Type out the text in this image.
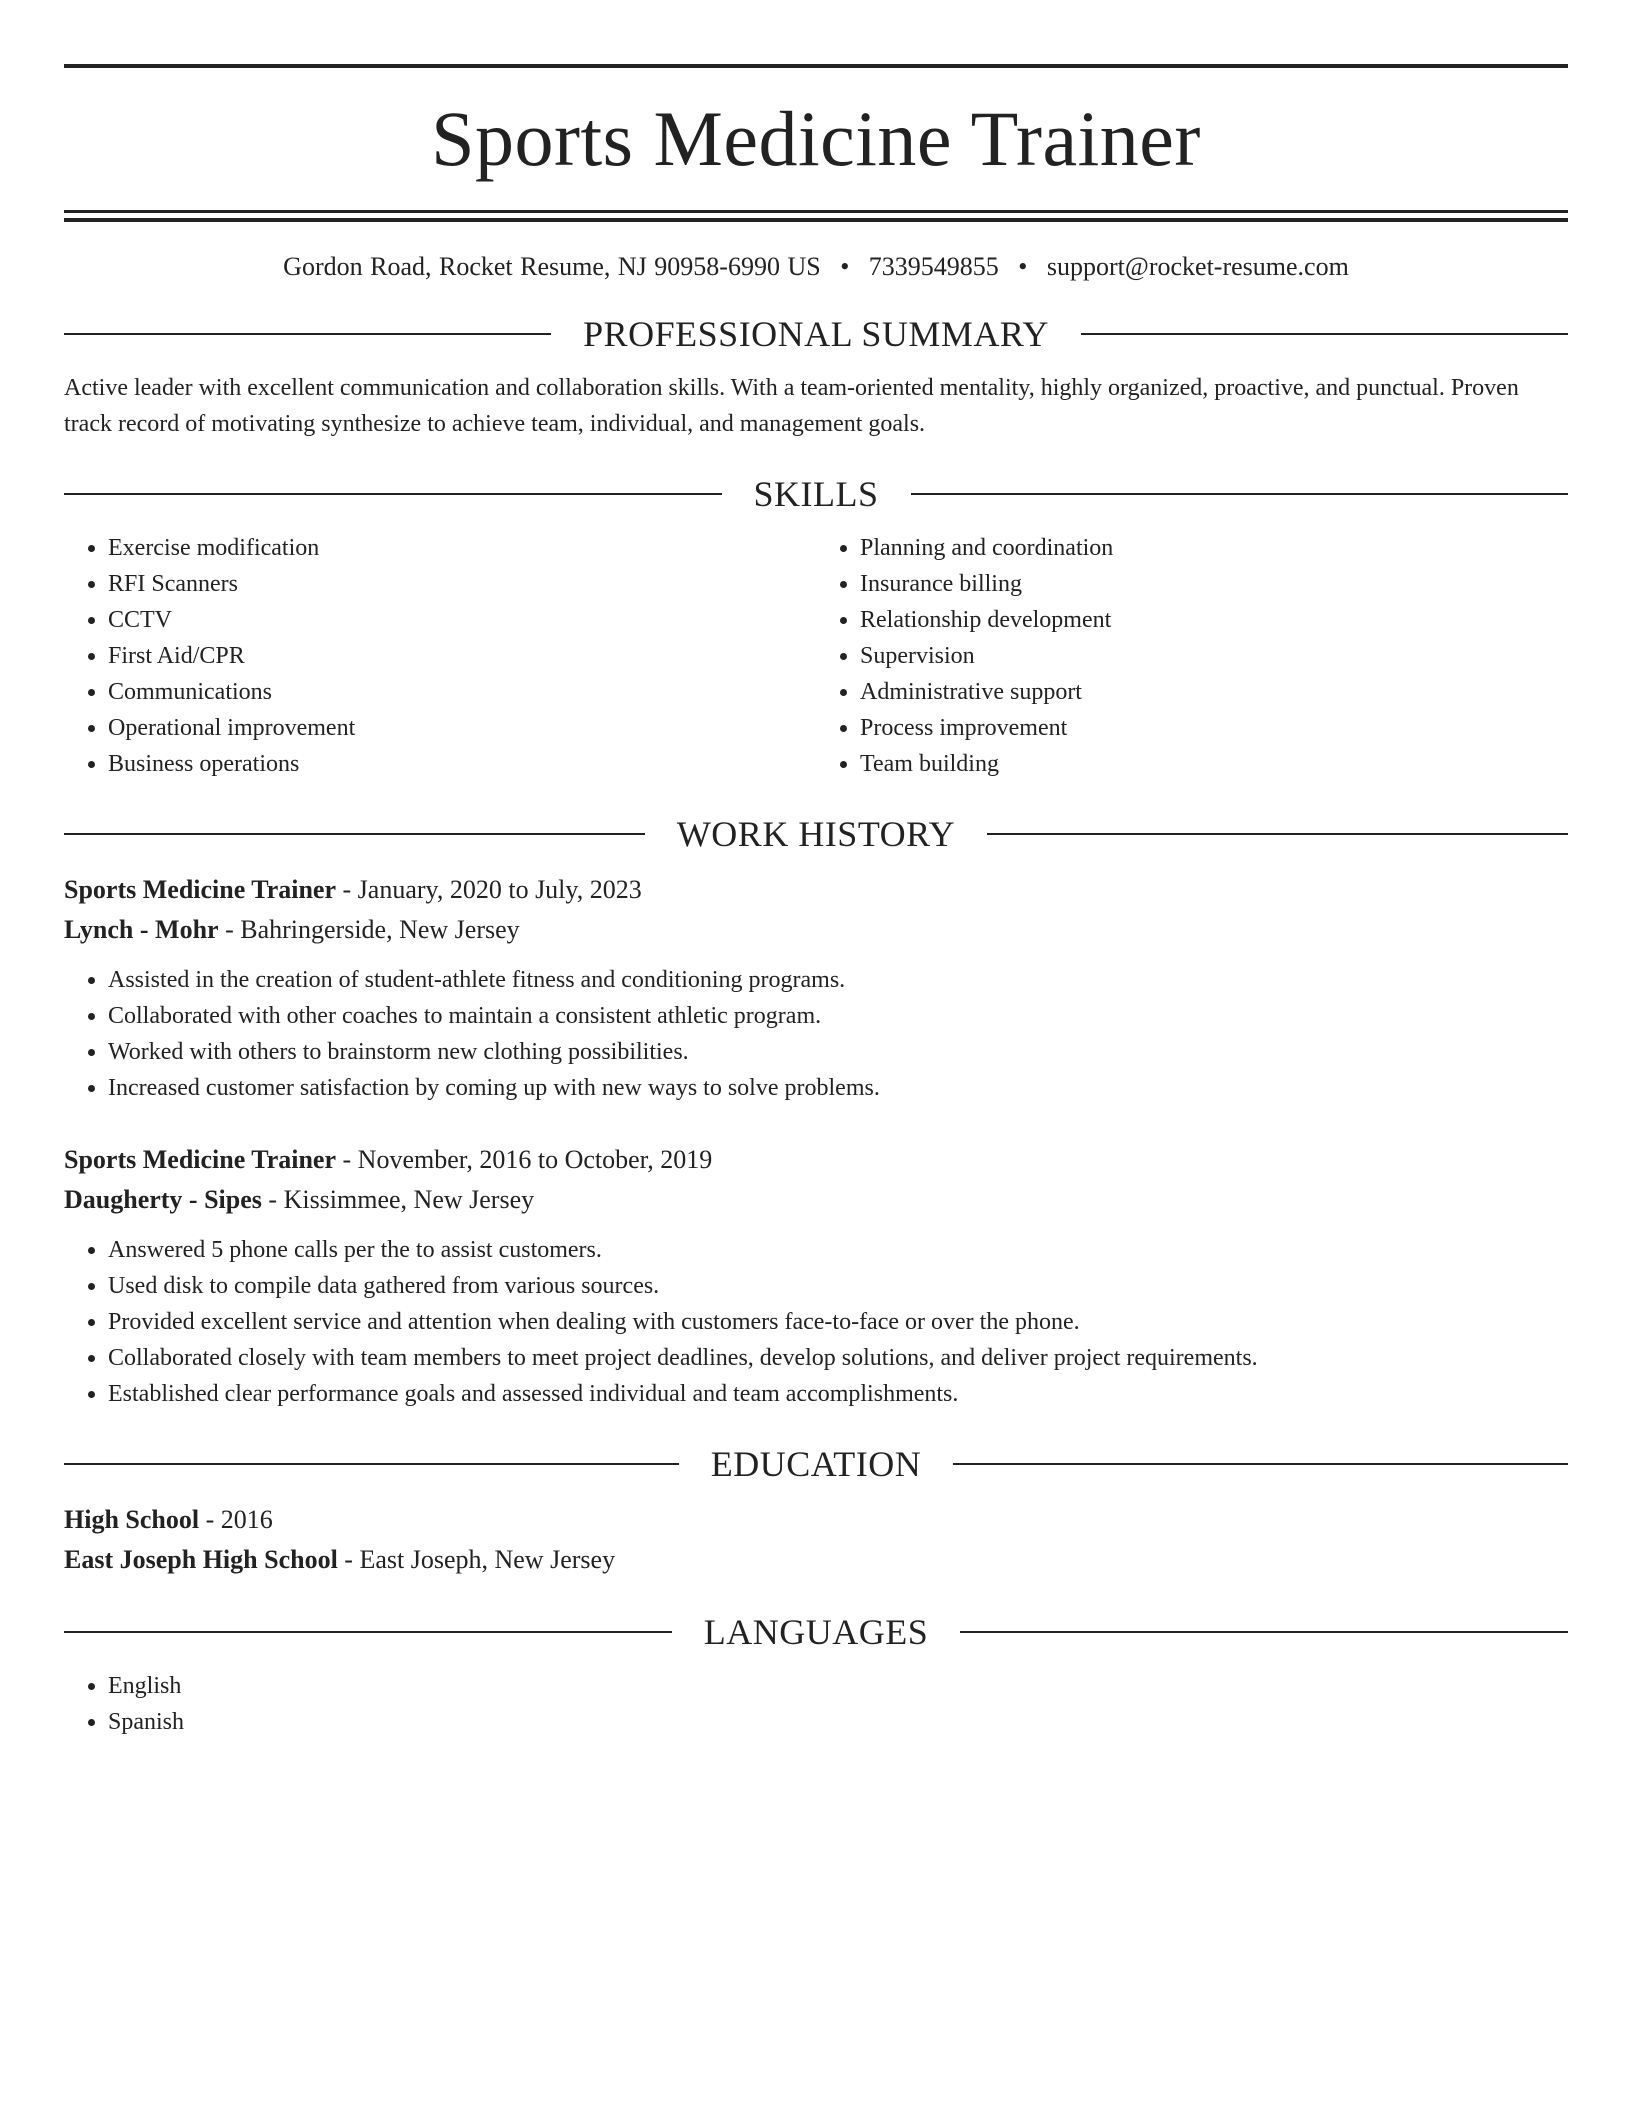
Sports Medicine Trainer
Gordon Road, Rocket Resume, NJ 90958-6990 US • 7339549855 • support@rocket-resume.com
PROFESSIONAL SUMMARY
Active leader with excellent communication and collaboration skills. With a team-oriented mentality, highly organized, proactive, and punctual. Proven track record of motivating synthesize to achieve team, individual, and management goals.
SKILLS
• Exercise modification
• RFI Scanners
• CCTV
• First Aid/CPR
• Communications
• Operational improvement
• Business operations
• Planning and coordination
• Insurance billing
• Relationship development
• Supervision
• Administrative support
• Process improvement
• Team building
WORK HISTORY
Sports Medicine Trainer - January, 2020 to July, 2023
Lynch - Mohr - Bahringerside, New Jersey
• Assisted in the creation of student-athlete fitness and conditioning programs.
• Collaborated with other coaches to maintain a consistent athletic program.
• Worked with others to brainstorm new clothing possibilities.
• Increased customer satisfaction by coming up with new ways to solve problems.
Sports Medicine Trainer - November, 2016 to October, 2019
Daugherty - Sipes - Kissimmee, New Jersey
• Answered 5 phone calls per the to assist customers.
• Used disk to compile data gathered from various sources.
• Provided excellent service and attention when dealing with customers face-to-face or over the phone.
• Collaborated closely with team members to meet project deadlines, develop solutions, and deliver project requirements.
• Established clear performance goals and assessed individual and team accomplishments.
EDUCATION
High School - 2016
East Joseph High School - East Joseph, New Jersey
LANGUAGES
• English
• Spanish
